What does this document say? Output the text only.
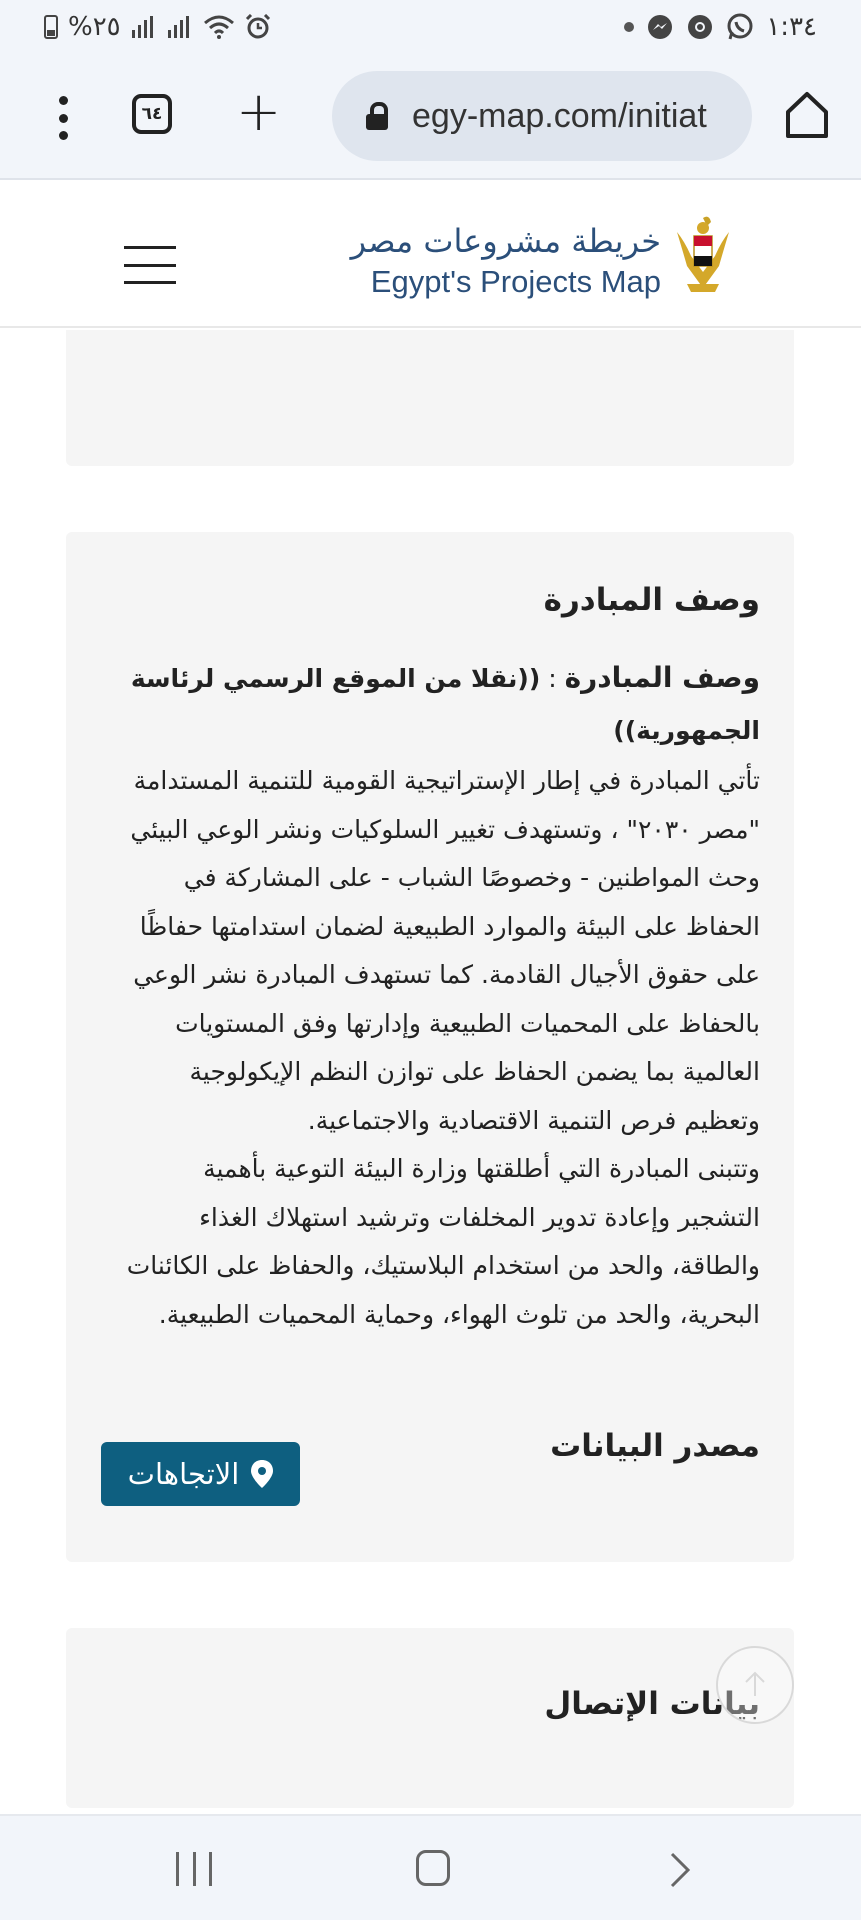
%٢٥	١:٣٤
٦٤ +	egy-map.com/initiat
خريطة مشروعات مصر
Egypt's Projects Map
وصف المبادرة
وصف المبادرة : ((نقلا من الموقع الرسمي لرئاسة الجمهورية))
تأتي المبادرة في إطار الإستراتيجية القومية للتنمية المستدامة
"مصر ٢٠٣٠" ، وتستهدف تغيير السلوكيات ونشر الوعي البيئي
وحث المواطنين - وخصوصًا الشباب - على المشاركة في
الحفاظ على البيئة والموارد الطبيعية لضمان استدامتها حفاظًا
على حقوق الأجيال القادمة. كما تستهدف المبادرة نشر الوعي
بالحفاظ على المحميات الطبيعية وإدارتها وفق المستويات
العالمية بما يضمن الحفاظ على توازن النظم الإيكولوجية
وتعظيم فرص التنمية الاقتصادية والاجتماعية.
وتتبنى المبادرة التي أطلقتها وزارة البيئة التوعية بأهمية
التشجير وإعادة تدوير المخلفات وترشيد استهلاك الغذاء
والطاقة، والحد من استخدام البلاستيك، والحفاظ على الكائنات
البحرية، والحد من تلوث الهواء، وحماية المحميات الطبيعية.
مصدر البيانات
الاتجاهات
بيانات الإتصال
